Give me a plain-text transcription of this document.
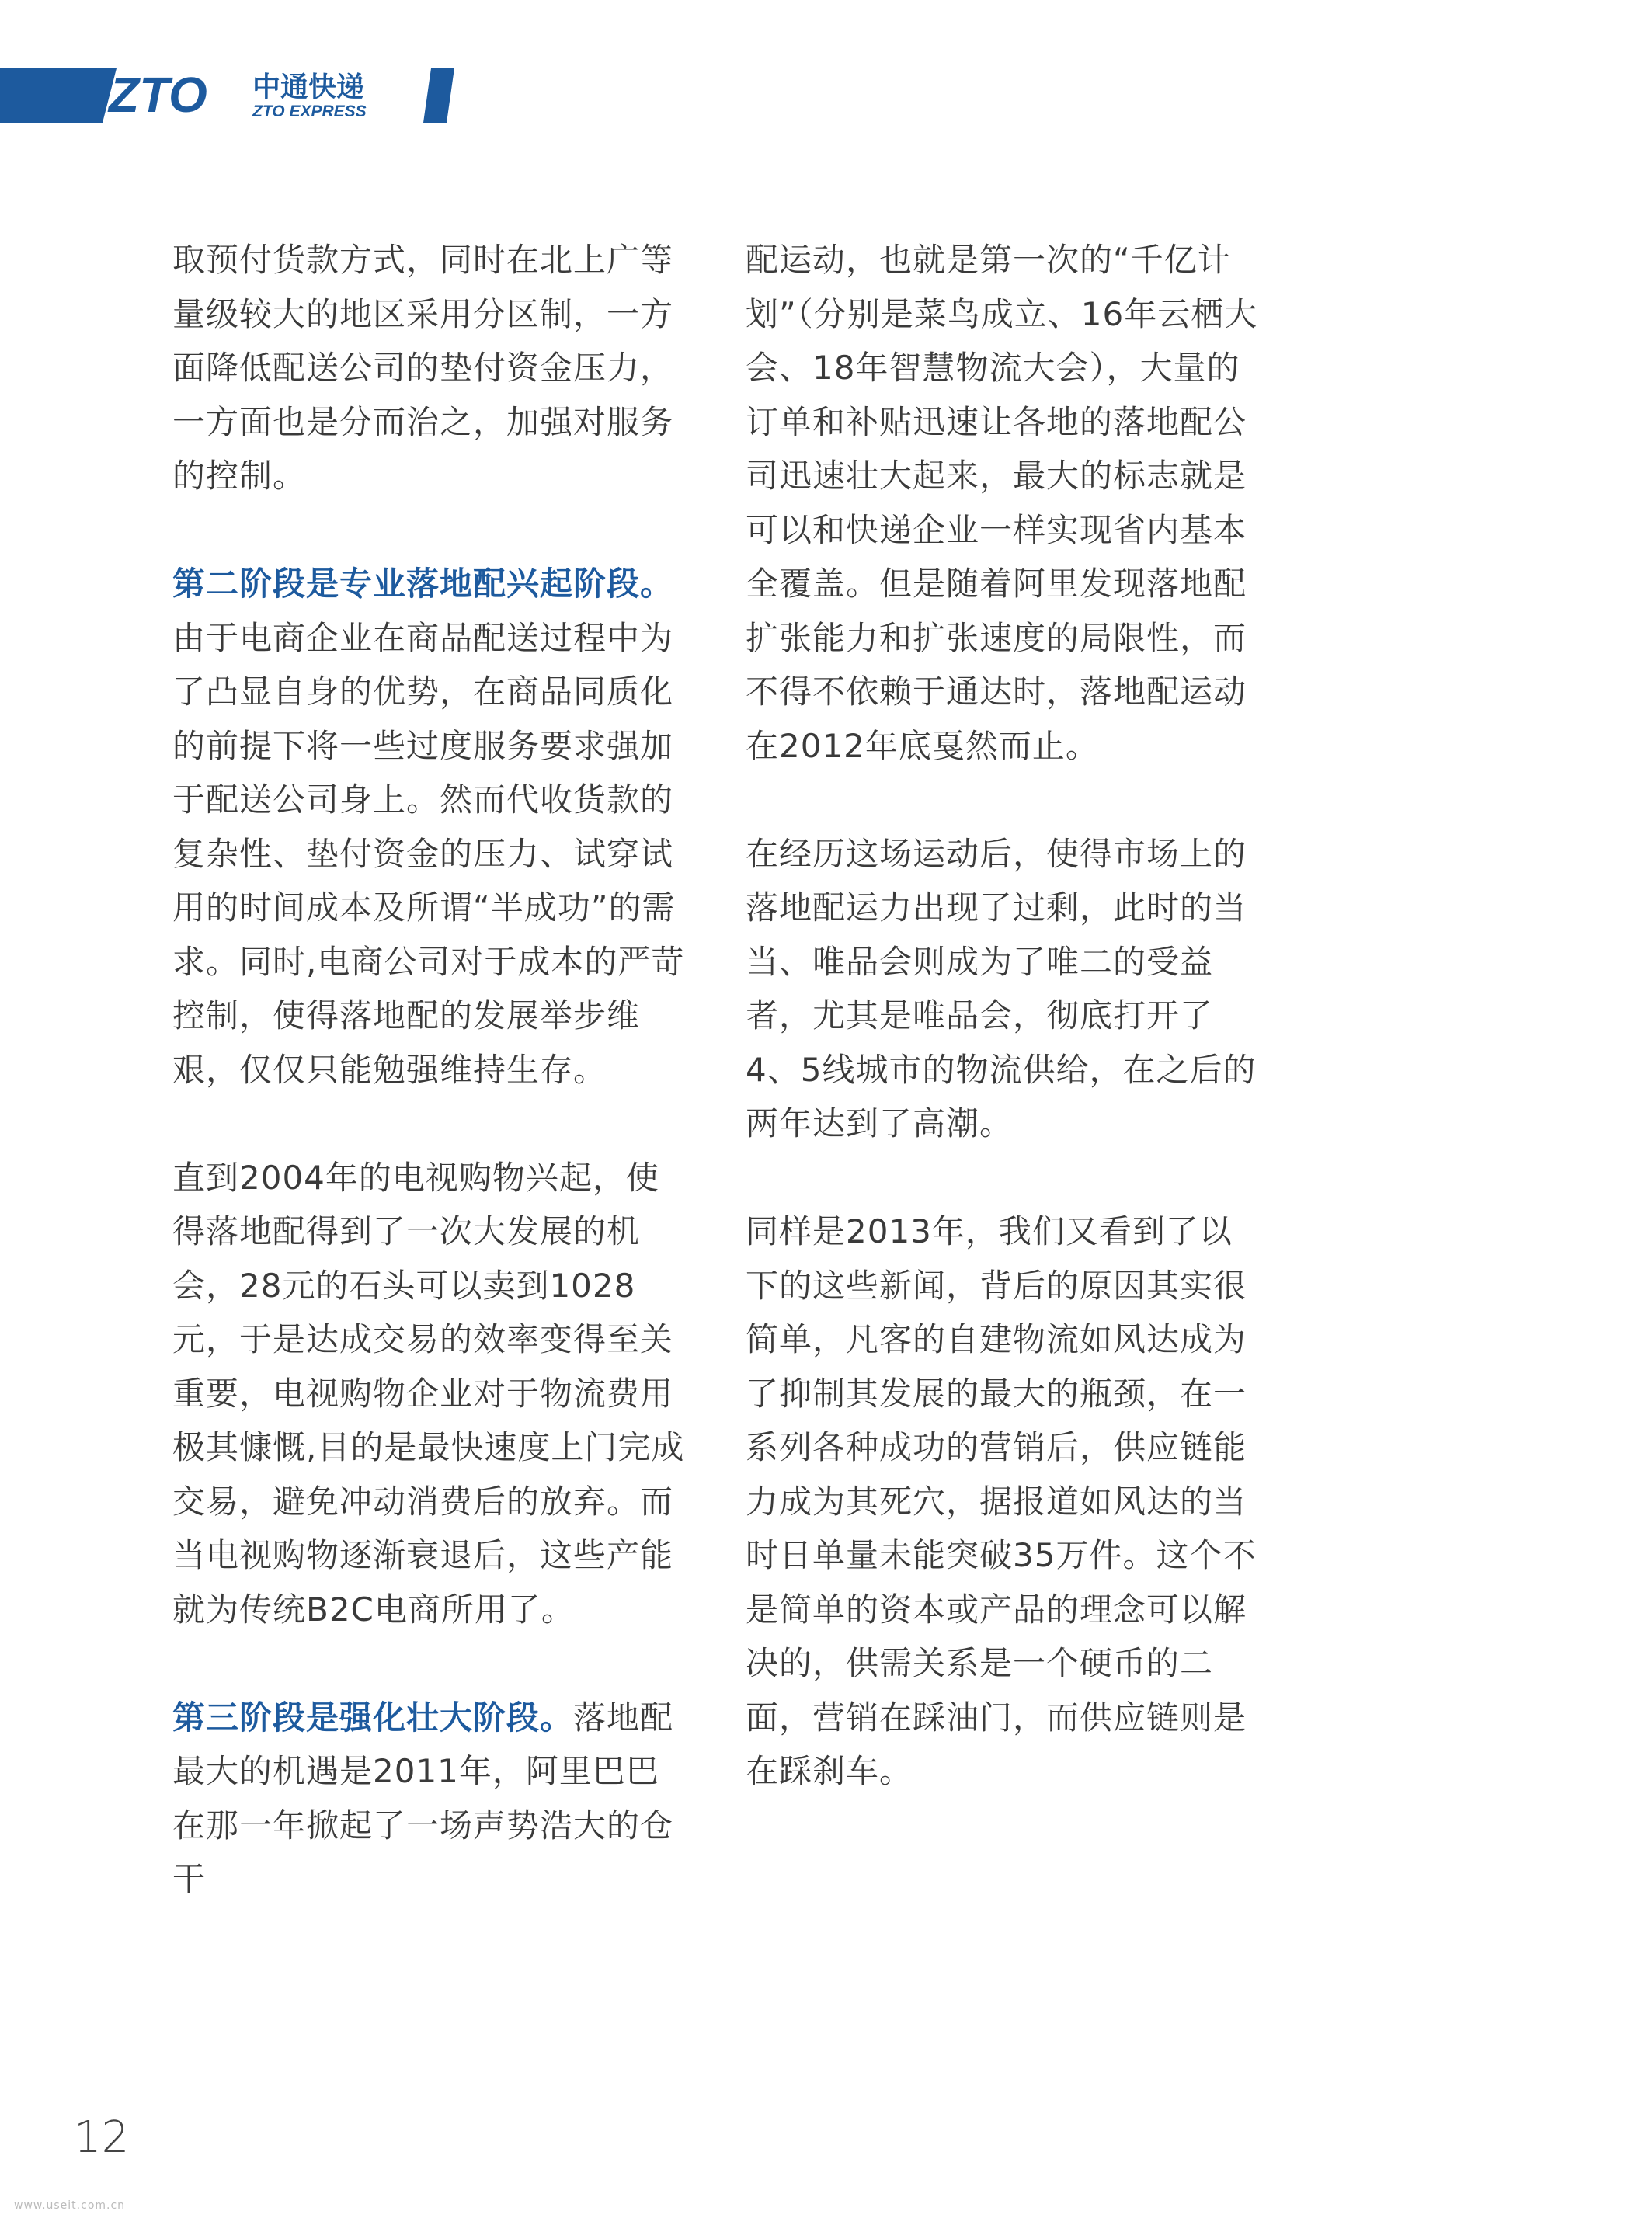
ZTO 中通快递
ZTO EXPRESS

取预付货款方式，同时在北上广等量级较大的地区采用分区制，一方面降低配送公司的垫付资金压力，一方面也是分而治之，加强对服务的控制。

第二阶段是专业落地配兴起阶段。由于电商企业在商品配送过程中为了凸显自身的优势，在商品同质化的前提下将一些过度服务要求强加于配送公司身上。然而代收货款的复杂性、垫付资金的压力、试穿试用的时间成本及所谓“半成功”的需求。同时,电商公司对于成本的严苛控制，使得落地配的发展举步维艰，仅仅只能勉强维持生存。

直到2004年的电视购物兴起，使得落地配得到了一次大发展的机会，28元的石头可以卖到1028元，于是达成交易的效率变得至关重要，电视购物企业对于物流费用极其慷慨,目的是最快速度上门完成交易，避免冲动消费后的放弃。而当电视购物逐渐衰退后，这些产能就为传统B2C电商所用了。

第三阶段是强化壮大阶段。落地配最大的机遇是2011年，阿里巴巴在那一年掀起了一场声势浩大的仓干

配运动，也就是第一次的“千亿计划”（分别是菜鸟成立、16年云栖大会、18年智慧物流大会），大量的订单和补贴迅速让各地的落地配公司迅速壮大起来，最大的标志就是可以和快递企业一样实现省内基本全覆盖。但是随着阿里发现落地配扩张能力和扩张速度的局限性，而不得不依赖于通达时，落地配运动在2012年底戛然而止。

在经历这场运动后，使得市场上的落地配运力出现了过剩，此时的当当、唯品会则成为了唯二的受益者，尤其是唯品会，彻底打开了4、5线城市的物流供给，在之后的两年达到了高潮。

同样是2013年，我们又看到了以下的这些新闻，背后的原因其实很简单，凡客的自建物流如风达成为了抑制其发展的最大的瓶颈，在一系列各种成功的营销后，供应链能力成为其死穴，据报道如风达的当时日单量未能突破35万件。这个不是简单的资本或产品的理念可以解决的，供需关系是一个硬币的二面，营销在踩油门，而供应链则是在踩刹车。

12
www.useit.com.cn
